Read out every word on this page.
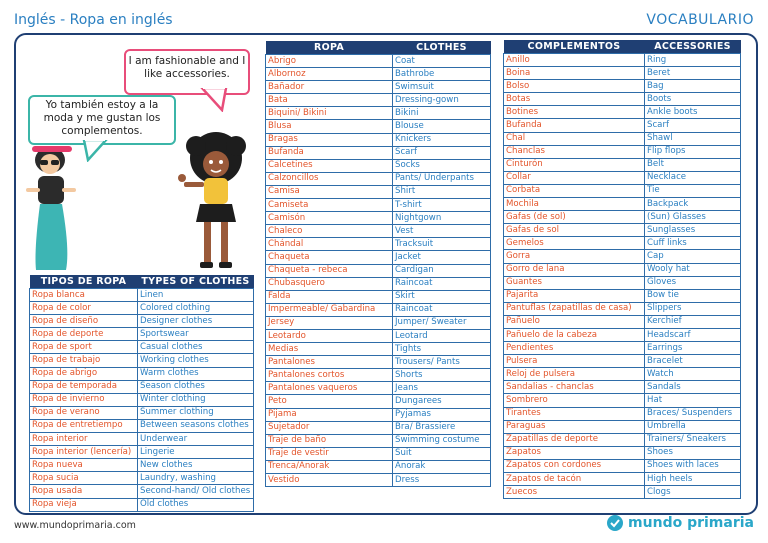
Inglés - Ropa en inglés	VOCABULARIO
I am fashionable and I like accessories.
Yo también estoy a la moda y me gustan los complementos.
TIPOS DE ROPA	TYPES OF CLOTHES
Ropa blanca	Linen
Ropa de color	Colored clothing
Ropa de diseño	Designer clothes
Ropa de deporte	Sportswear
Ropa de sport	Casual clothes
Ropa de trabajo	Working clothes
Ropa de abrigo	Warm clothes
Ropa de temporada	Season clothes
Ropa de invierno	Winter clothing
Ropa de verano	Summer clothing
Ropa de entretiempo	Between seasons clothes
Ropa interior	Underwear
Ropa interior (lencería)	Lingerie
Ropa nueva	New clothes
Ropa sucia	Laundry, washing
Ropa usada	Second-hand/ Old clothes
Ropa vieja	Old clothes
ROPA	CLOTHES
Abrigo	Coat
Albornoz	Bathrobe
Bañador	Swimsuit
Bata	Dressing-gown
Biquini/ Bikini	Bikini
Blusa	Blouse
Bragas	Knickers
Bufanda	Scarf
Calcetines	Socks
Calzoncillos	Pants/ Underpants
Camisa	Shirt
Camiseta	T-shirt
Camisón	Nightgown
Chaleco	Vest
Chándal	Tracksuit
Chaqueta	Jacket
Chaqueta - rebeca	Cardigan
Chubasquero	Raincoat
Falda	Skirt
Impermeable/ Gabardina	Raincoat
Jersey	Jumper/ Sweater
Leotardo	Leotard
Medias	Tights
Pantalones	Trousers/ Pants
Pantalones cortos	Shorts
Pantalones vaqueros	Jeans
Peto	Dungarees
Pijama	Pyjamas
Sujetador	Bra/ Brassiere
Traje de baño	Swimming costume
Traje de vestir	Suit
Trenca/Anorak	Anorak
Vestido	Dress
COMPLEMENTOS	ACCESSORIES
Anillo	Ring
Boina	Beret
Bolso	Bag
Botas	Boots
Botines	Ankle boots
Bufanda	Scarf
Chal	Shawl
Chanclas	Flip flops
Cinturón	Belt
Collar	Necklace
Corbata	Tie
Mochila	Backpack
Gafas (de sol)	(Sun) Glasses
Gafas de sol	Sunglasses
Gemelos	Cuff links
Gorra	Cap
Gorro de lana	Wooly hat
Guantes	Gloves
Pajarita	Bow tie
Pantuflas (zapatillas de casa)	Slippers
Pañuelo	Kerchief
Pañuelo de la cabeza	Headscarf
Pendientes	Earrings
Pulsera	Bracelet
Reloj de pulsera	Watch
Sandalias - chanclas	Sandals
Sombrero	Hat
Tirantes	Braces/ Suspenders
Paraguas	Umbrella
Zapatillas de deporte	Trainers/ Sneakers
Zapatos	Shoes
Zapatos con cordones	Shoes with laces
Zapatos de tacón	High heels
Zuecos	Clogs
www.mundoprimaria.com	mundo primaria
